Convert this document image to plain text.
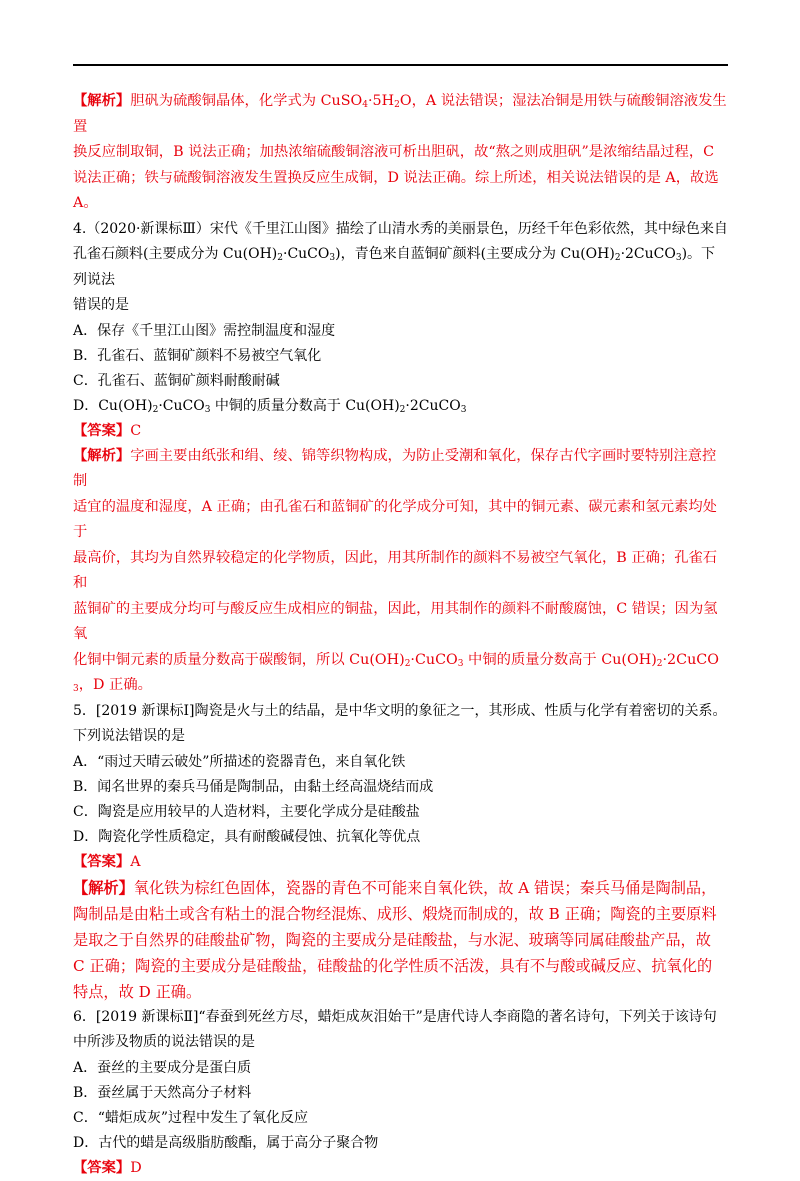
【解析】胆矾为硫酸铜晶体，化学式为 $CuSO_4\cdot 5H_2O$，A 说法错误；湿法冶铜是用铁与硫酸铜溶液发生置

换反应制取铜，B 说法正确；加热浓缩硫酸铜溶液可析出胆矾，故“熬之则成胆矾”是浓缩结晶过程，C

说法正确；铁与硫酸铜溶液发生置换反应生成铜，D 说法正确。综上所述，相关说法错误的是 A，故选

A。

4.（2020·新课标Ⅲ）宋代《千里江山图》描绘了山清水秀的美丽景色，历经千年色彩依然，其中绿色来自

孔雀石颜料(主要成分为 $Cu(OH)_2\cdot CuCO_3$)，青色来自蓝铜矿颜料(主要成分为 $Cu(OH)_2\cdot 2CuCO_3$)。下列说法

错误的是

A．保存《千里江山图》需控制温度和湿度

B．孔雀石、蓝铜矿颜料不易被空气氧化

C．孔雀石、蓝铜矿颜料耐酸耐碱

D．$Cu(OH)_2\cdot CuCO_3$ 中铜的质量分数高于 $Cu(OH)_2\cdot 2CuCO_3$

【答案】C

【解析】字画主要由纸张和绢、绫、锦等织物构成，为防止受潮和氧化，保存古代字画时要特别注意控制

适宜的温度和湿度，A 正确；由孔雀石和蓝铜矿的化学成分可知，其中的铜元素、碳元素和氢元素均处于

最高价，其均为自然界较稳定的化学物质，因此，用其所制作的颜料不易被空气氧化，B 正确；孔雀石和

蓝铜矿的主要成分均可与酸反应生成相应的铜盐，因此，用其制作的颜料不耐酸腐蚀，C 错误；因为氢氧

化铜中铜元素的质量分数高于碳酸铜，所以 $Cu(OH)_2\cdot CuCO_3$ 中铜的质量分数高于 $Cu(OH)_2\cdot 2CuCO_3$，D 正确。

5．[2019 新课标Ⅰ]陶瓷是火与土的结晶，是中华文明的象征之一，其形成、性质与化学有着密切的关系。

下列说法错误的是

A．“雨过天晴云破处”所描述的瓷器青色，来自氧化铁

B．闻名世界的秦兵马俑是陶制品，由黏土经高温烧结而成

C．陶瓷是应用较早的人造材料，主要化学成分是硅酸盐

D．陶瓷化学性质稳定，具有耐酸碱侵蚀、抗氧化等优点

【答案】A

【解析】氧化铁为棕红色固体，瓷器的青色不可能来自氧化铁，故 A 错误；秦兵马俑是陶制品，

陶制品是由粘土或含有粘土的混合物经混炼、成形、煅烧而制成的，故 B 正确；陶瓷的主要原料

是取之于自然界的硅酸盐矿物，陶瓷的主要成分是硅酸盐，与水泥、玻璃等同属硅酸盐产品，故

C 正确；陶瓷的主要成分是硅酸盐，硅酸盐的化学性质不活泼，具有不与酸或碱反应、抗氧化的

特点，故 D 正确。

6．[2019 新课标Ⅱ]“春蚕到死丝方尽，蜡炬成灰泪始干”是唐代诗人李商隐的著名诗句，下列关于该诗句

中所涉及物质的说法错误的是

A．蚕丝的主要成分是蛋白质

B．蚕丝属于天然高分子材料

C．“蜡炬成灰”过程中发生了氧化反应

D．古代的蜡是高级脂肪酸酯，属于高分子聚合物

【答案】D
